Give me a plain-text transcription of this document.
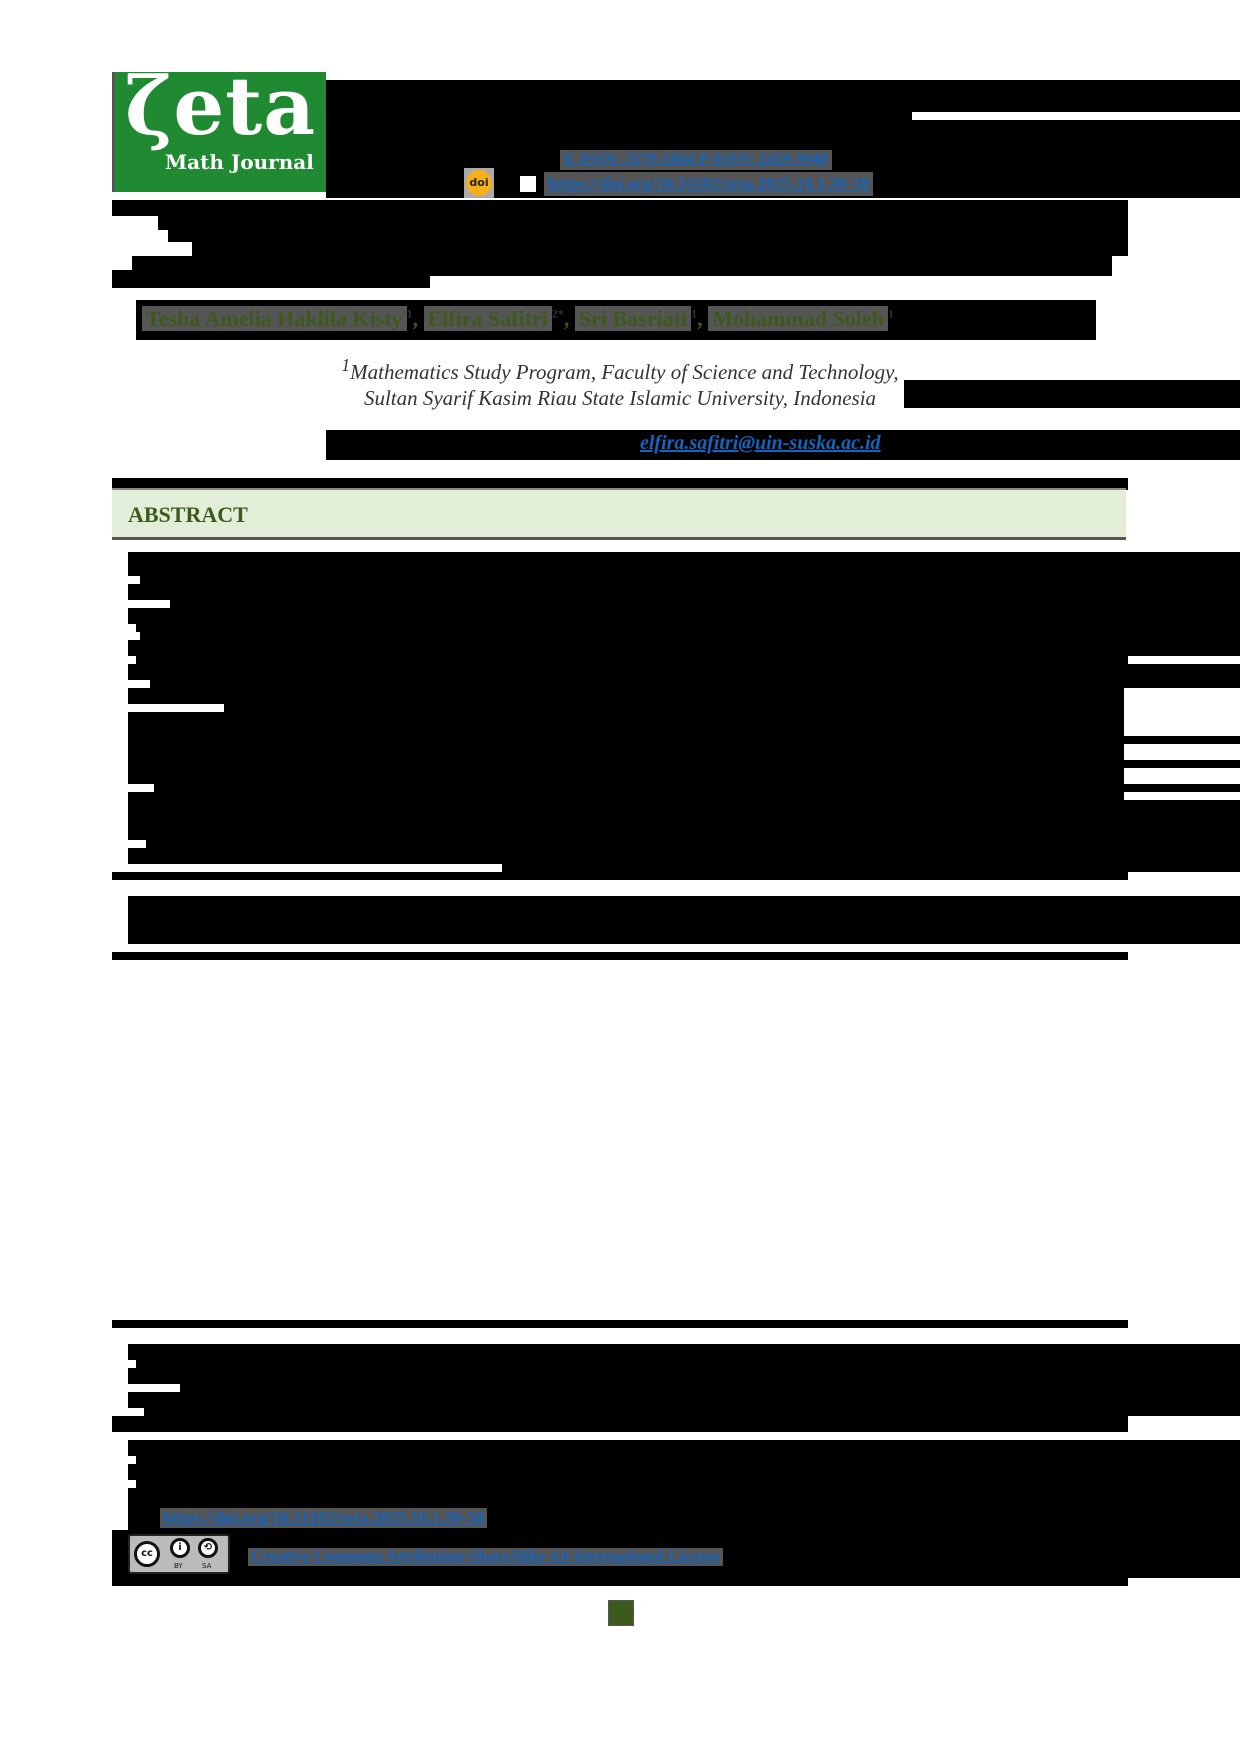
ζeta
Math Journal	E-ISSN: 2579-5864 P-ISSN: 2459-9948
doi	https://doi.org/10.31102/zeta.2025.10.1.30-38
Tesha Amelia Haklila Kisty $^1$, Elfira Safitri $^{2*}$, Sri Basriati $^1$, Mohammad Soleh $^1$
$^1$Mathematics Study Program, Faculty of Science and Technology,
Sultan Syarif Kasim Riau State Islamic University, Indonesia
elfira.safitri@uin-suska.ac.id
ABSTRACT
https://doi.org/10.31102/zeta.2025.10.1.30-38
cc
i	⟲
BY	SA
Creative Commons Attribution-ShareAlike 4.0 International License
30
